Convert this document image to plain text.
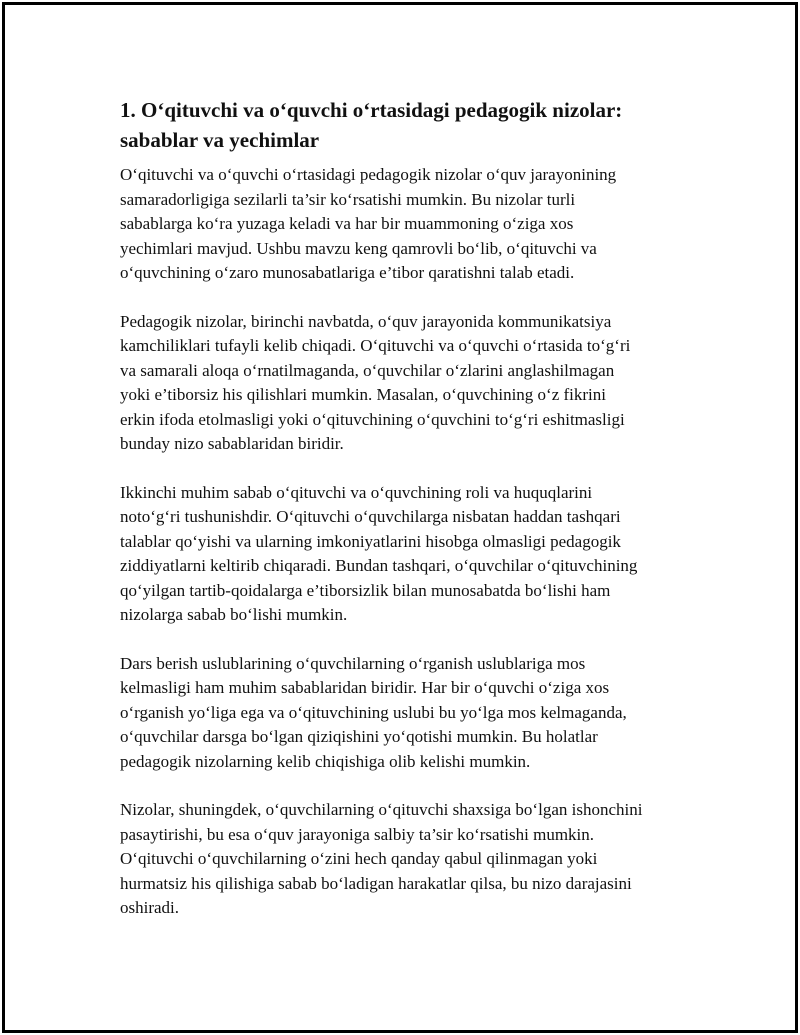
1. O‘qituvchi va o‘quvchi o‘rtasidagi pedagogik nizolar:
sabablar va yechimlar

O‘qituvchi va o‘quvchi o‘rtasidagi pedagogik nizolar o‘quv jarayonining
samaradorligiga sezilarli ta’sir ko‘rsatishi mumkin. Bu nizolar turli
sabablarga ko‘ra yuzaga keladi va har bir muammoning o‘ziga xos
yechimlari mavjud. Ushbu mavzu keng qamrovli bo‘lib, o‘qituvchi va
o‘quvchining o‘zaro munosabatlariga e’tibor qaratishni talab etadi.

Pedagogik nizolar, birinchi navbatda, o‘quv jarayonida kommunikatsiya
kamchiliklari tufayli kelib chiqadi. O‘qituvchi va o‘quvchi o‘rtasida to‘g‘ri
va samarali aloqa o‘rnatilmaganda, o‘quvchilar o‘zlarini anglashilmagan
yoki e’tiborsiz his qilishlari mumkin. Masalan, o‘quvchining o‘z fikrini
erkin ifoda etolmasligi yoki o‘qituvchining o‘quvchini to‘g‘ri eshitmasligi
bunday nizo sabablaridan biridir.

Ikkinchi muhim sabab o‘qituvchi va o‘quvchining roli va huquqlarini
noto‘g‘ri tushunishdir. O‘qituvchi o‘quvchilarga nisbatan haddan tashqari
talablar qo‘yishi va ularning imkoniyatlarini hisobga olmasligi pedagogik
ziddiyatlarni keltirib chiqaradi. Bundan tashqari, o‘quvchilar o‘qituvchining
qo‘yilgan tartib-qoidalarga e’tiborsizlik bilan munosabatda bo‘lishi ham
nizolarga sabab bo‘lishi mumkin.

Dars berish uslublarining o‘quvchilarning o‘rganish uslublariga mos
kelmasligi ham muhim sabablaridan biridir. Har bir o‘quvchi o‘ziga xos
o‘rganish yo‘liga ega va o‘qituvchining uslubi bu yo‘lga mos kelmaganda,
o‘quvchilar darsga bo‘lgan qiziqishini yo‘qotishi mumkin. Bu holatlar
pedagogik nizolarning kelib chiqishiga olib kelishi mumkin.

Nizolar, shuningdek, o‘quvchilarning o‘qituvchi shaxsiga bo‘lgan ishonchini
pasaytirishi, bu esa o‘quv jarayoniga salbiy ta’sir ko‘rsatishi mumkin.
O‘qituvchi o‘quvchilarning o‘zini hech qanday qabul qilinmagan yoki
hurmatsiz his qilishiga sabab bo‘ladigan harakatlar qilsa, bu nizo darajasini
oshiradi.
